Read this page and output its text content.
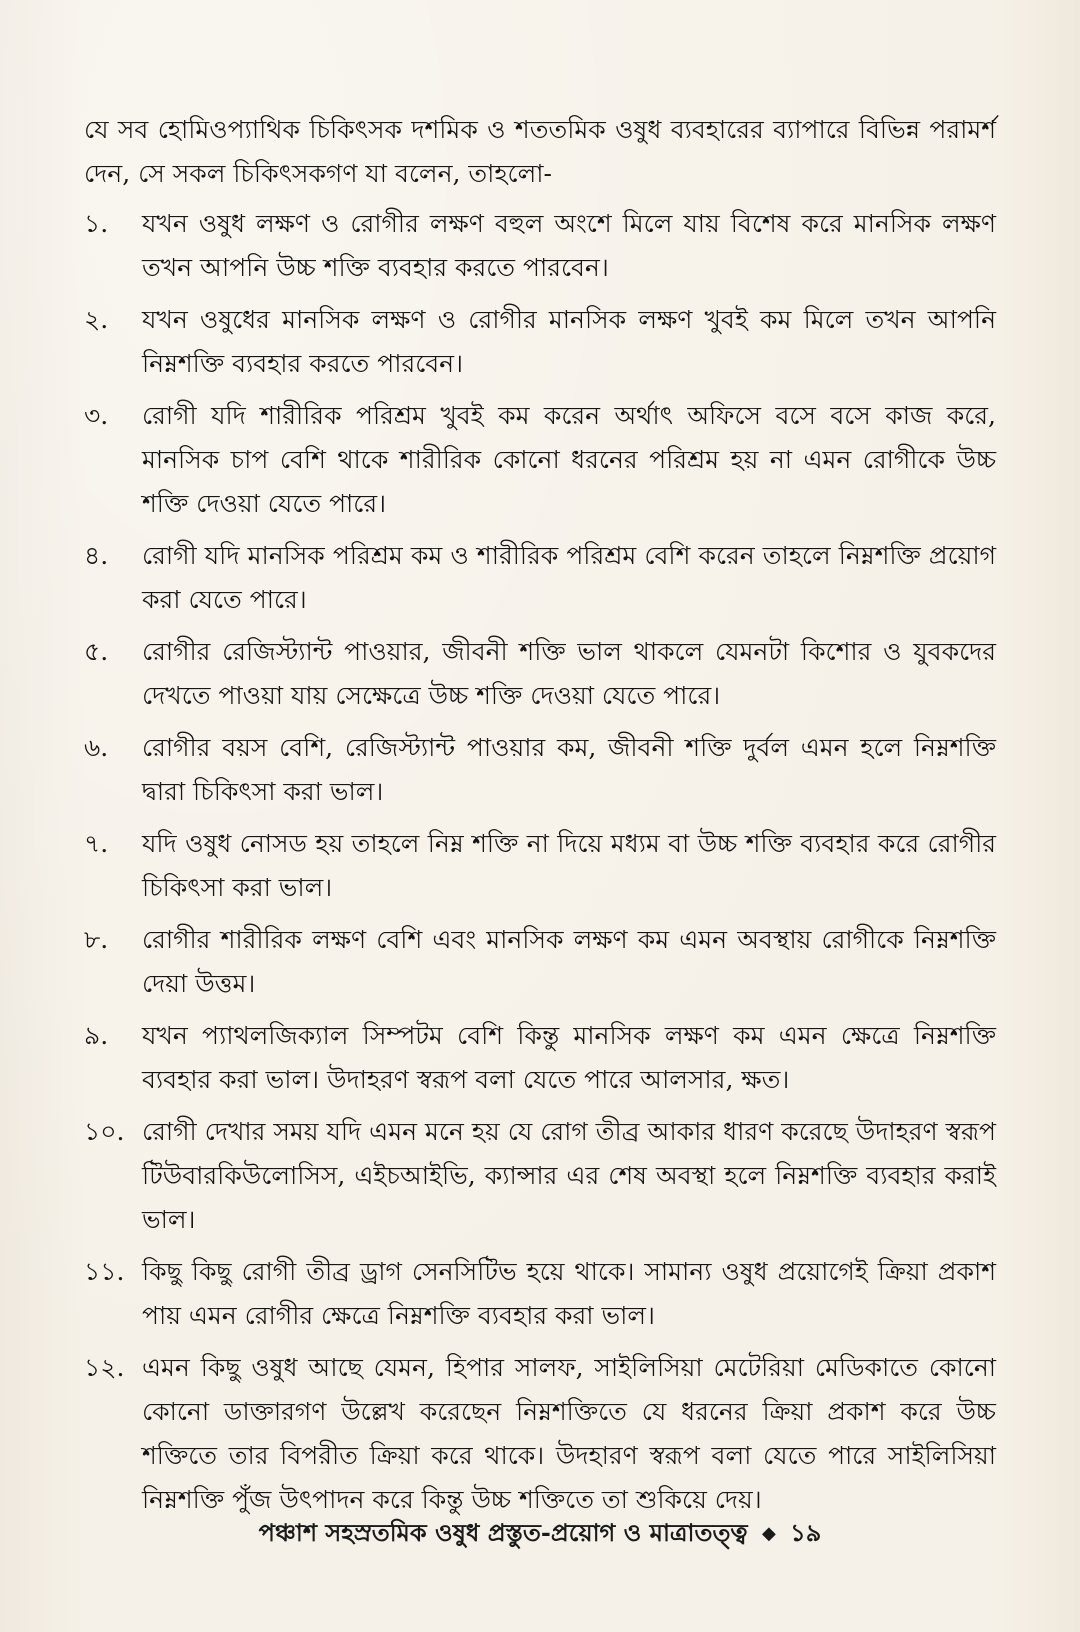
যে সব হোমিওপ্যাথিক চিকিৎসক দশমিক ও শততমিক ওষুধ ব্যবহারের ব্যাপারে বিভিন্ন পরামর্শ দেন, সে সকল চিকিৎসকগণ যা বলেন, তাহলো-

১.	যখন ওষুধ লক্ষণ ও রোগীর লক্ষণ বহুল অংশে মিলে যায় বিশেষ করে মানসিক লক্ষণ তখন আপনি উচ্চ শক্তি ব্যবহার করতে পারবেন।
২.	যখন ওষুধের মানসিক লক্ষণ ও রোগীর মানসিক লক্ষণ খুবই কম মিলে তখন আপনি নিম্নশক্তি ব্যবহার করতে পারবেন।
৩.	রোগী যদি শারীরিক পরিশ্রম খুবই কম করেন অর্থাৎ অফিসে বসে বসে কাজ করে, মানসিক চাপ বেশি থাকে শারীরিক কোনো ধরনের পরিশ্রম হয় না এমন রোগীকে উচ্চ শক্তি দেওয়া যেতে পারে।
৪.	রোগী যদি মানসিক পরিশ্রম কম ও শারীরিক পরিশ্রম বেশি করেন তাহলে নিম্নশক্তি প্রয়োগ করা যেতে পারে।
৫.	রোগীর রেজিস্ট্যান্ট পাওয়ার, জীবনী শক্তি ভাল থাকলে যেমনটা কিশোর ও যুবকদের দেখতে পাওয়া যায় সেক্ষেত্রে উচ্চ শক্তি দেওয়া যেতে পারে।
৬.	রোগীর বয়স বেশি, রেজিস্ট্যান্ট পাওয়ার কম, জীবনী শক্তি দুর্বল এমন হলে নিম্নশক্তি দ্বারা চিকিৎসা করা ভাল।
৭.	যদি ওষুধ নোসড হয় তাহলে নিম্ন শক্তি না দিয়ে মধ্যম বা উচ্চ শক্তি ব্যবহার করে রোগীর চিকিৎসা করা ভাল।
৮.	রোগীর শারীরিক লক্ষণ বেশি এবং মানসিক লক্ষণ কম এমন অবস্থায় রোগীকে নিম্নশক্তি দেয়া উত্তম।
৯.	যখন প্যাথলজিক্যাল সিম্পটম বেশি কিন্তু মানসিক লক্ষণ কম এমন ক্ষেত্রে নিম্নশক্তি ব্যবহার করা ভাল। উদাহরণ স্বরূপ বলা যেতে পারে আলসার, ক্ষত।
১০. রোগী দেখার সময় যদি এমন মনে হয় যে রোগ তীব্র আকার ধারণ করেছে উদাহরণ স্বরূপ টিউবারকিউলোসিস, এইচআইভি, ক্যান্সার এর শেষ অবস্থা হলে নিম্নশক্তি ব্যবহার করাই ভাল।
১১. কিছু কিছু রোগী তীব্র ড্রাগ সেনসিটিভ হয়ে থাকে। সামান্য ওষুধ প্রয়োগেই ক্রিয়া প্রকাশ পায় এমন রোগীর ক্ষেত্রে নিম্নশক্তি ব্যবহার করা ভাল।
১২. এমন কিছু ওষুধ আছে যেমন, হিপার সালফ, সাইলিসিয়া মেটেরিয়া মেডিকাতে কোনো কোনো ডাক্তারগণ উল্লেখ করেছেন নিম্নশক্তিতে যে ধরনের ক্রিয়া প্রকাশ করে উচ্চ শক্তিতে তার বিপরীত ক্রিয়া করে থাকে। উদহারণ স্বরূপ বলা যেতে পারে সাইলিসিয়া নিম্নশক্তি পুঁজ উৎপাদন করে কিন্তু উচ্চ শক্তিতে তা শুকিয়ে দেয়।
পঞ্চাশ সহস্রতমিক ওষুধ প্রস্তুত-প্রয়োগ ও মাত্রাতত্ত্ব ◆ ১৯
